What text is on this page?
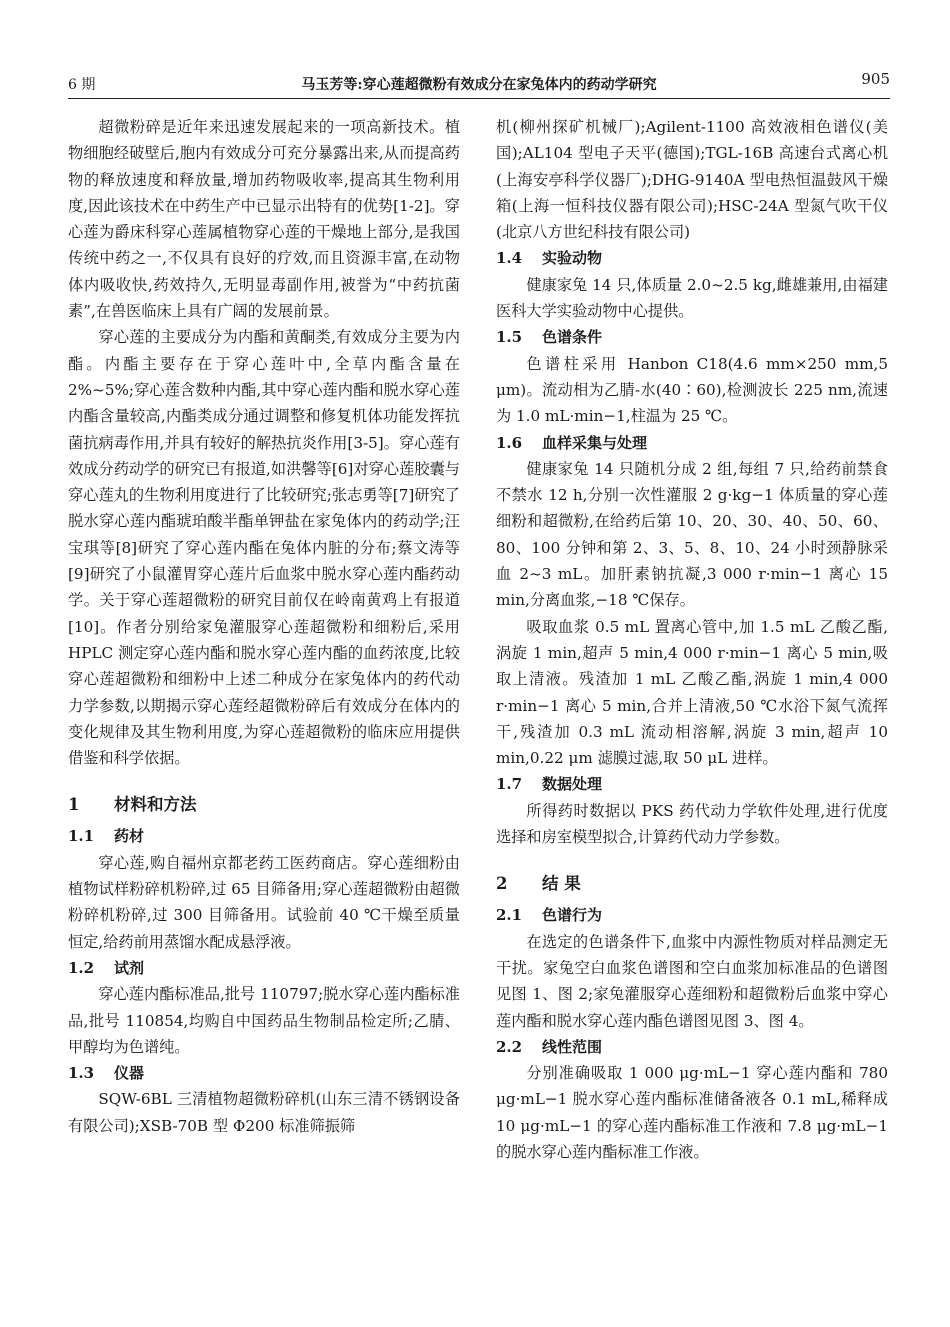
6 期	马玉芳等:穿心莲超微粉有效成分在家兔体内的药动学研究	905

超微粉碎是近年来迅速发展起来的一项高新技术。植物细胞经破壁后,胞内有效成分可充分暴露出来,从而提高药物的释放速度和释放量,增加药物吸收率,提高其生物利用度,因此该技术在中药生产中已显示出特有的优势[1-2]。穿心莲为爵床科穿心莲属植物穿心莲的干燥地上部分,是我国传统中药之一,不仅具有良好的疗效,而且资源丰富,在动物体内吸收快,药效持久,无明显毒副作用,被誉为“中药抗菌素”,在兽医临床上具有广阔的发展前景。

穿心莲的主要成分为内酯和黄酮类,有效成分主要为内酯。内酯主要存在于穿心莲叶中,全草内酯含量在 2%~5%;穿心莲含数种内酯,其中穿心莲内酯和脱水穿心莲内酯含量较高,内酯类成分通过调整和修复机体功能发挥抗菌抗病毒作用,并具有较好的解热抗炎作用[3-5]。穿心莲有效成分药动学的研究已有报道,如洪馨等[6]对穿心莲胶囊与穿心莲丸的生物利用度进行了比较研究;张志勇等[7]研究了脱水穿心莲内酯琥珀酸半酯单钾盐在家兔体内的药动学;汪宝琪等[8]研究了穿心莲内酯在兔体内脏的分布;蔡文涛等[9]研究了小鼠灌胃穿心莲片后血浆中脱水穿心莲内酯药动学。关于穿心莲超微粉的研究目前仅在岭南黄鸡上有报道[10]。作者分别给家兔灌服穿心莲超微粉和细粉后,采用 HPLC 测定穿心莲内酯和脱水穿心莲内酯的血药浓度,比较穿心莲超微粉和细粉中上述二种成分在家兔体内的药代动力学参数,以期揭示穿心莲经超微粉碎后有效成分在体内的变化规律及其生物利用度,为穿心莲超微粉的临床应用提供借鉴和科学依据。

1 材料和方法
1.1 药材

穿心莲,购自福州京都老药工医药商店。穿心莲细粉由植物试样粉碎机粉碎,过 65 目筛备用;穿心莲超微粉由超微粉碎机粉碎,过 300 目筛备用。试验前 40 ℃干燥至质量恒定,给药前用蒸馏水配成悬浮液。

1.2 试剂

穿心莲内酯标准品,批号 110797;脱水穿心莲内酯标准品,批号 110854,均购自中国药品生物制品检定所;乙腈、甲醇均为色谱纯。

1.3 仪器

SQW-6BL 三清植物超微粉碎机(山东三清不锈钢设备有限公司);XSB-70B 型 Φ200 标准筛振筛

机(柳州探矿机械厂);Agilent-1100 高效液相色谱仪(美国);AL104 型电子天平(德国);TGL-16B 高速台式离心机(上海安亭科学仪器厂);DHG-9140A 型电热恒温鼓风干燥箱(上海一恒科技仪器有限公司);HSC-24A 型氮气吹干仪(北京八方世纪科技有限公司)

1.4 实验动物

健康家兔 14 只,体质量 2.0~2.5 kg,雌雄兼用,由福建医科大学实验动物中心提供。

1.5 色谱条件

色谱柱采用 Hanbon C18(4.6 mm×250 mm,5 μm)。流动相为乙腈-水(40∶60),检测波长 225 nm,流速为 1.0 mL·min−1,柱温为 25 ℃。

1.6 血样采集与处理

健康家兔 14 只随机分成 2 组,每组 7 只,给药前禁食不禁水 12 h,分别一次性灌服 2 g·kg−1 体质量的穿心莲细粉和超微粉,在给药后第 10、20、30、40、50、60、80、100 分钟和第 2、3、5、8、10、24 小时颈静脉采血 2~3 mL。加肝素钠抗凝,3 000 r·min−1 离心 15 min,分离血浆,−18 ℃保存。

吸取血浆 0.5 mL 置离心管中,加 1.5 mL 乙酸乙酯,涡旋 1 min,超声 5 min,4 000 r·min−1 离心 5 min,吸取上清液。残渣加 1 mL 乙酸乙酯,涡旋 1 min,4 000 r·min−1 离心 5 min,合并上清液,50 ℃水浴下氮气流挥干,残渣加 0.3 mL 流动相溶解,涡旋 3 min,超声 10 min,0.22 μm 滤膜过滤,取 50 μL 进样。

1.7 数据处理

所得药时数据以 PKS 药代动力学软件处理,进行优度选择和房室模型拟合,计算药代动力学参数。

2 结 果
2.1 色谱行为

在选定的色谱条件下,血浆中内源性物质对样品测定无干扰。家兔空白血浆色谱图和空白血浆加标准品的色谱图见图 1、图 2;家兔灌服穿心莲细粉和超微粉后血浆中穿心莲内酯和脱水穿心莲内酯色谱图见图 3、图 4。

2.2 线性范围

分别准确吸取 1 000 μg·mL−1 穿心莲内酯和 780 μg·mL−1 脱水穿心莲内酯标准储备液各 0.1 mL,稀释成 10 μg·mL−1 的穿心莲内酯标准工作液和 7.8 μg·mL−1 的脱水穿心莲内酯标准工作液。
